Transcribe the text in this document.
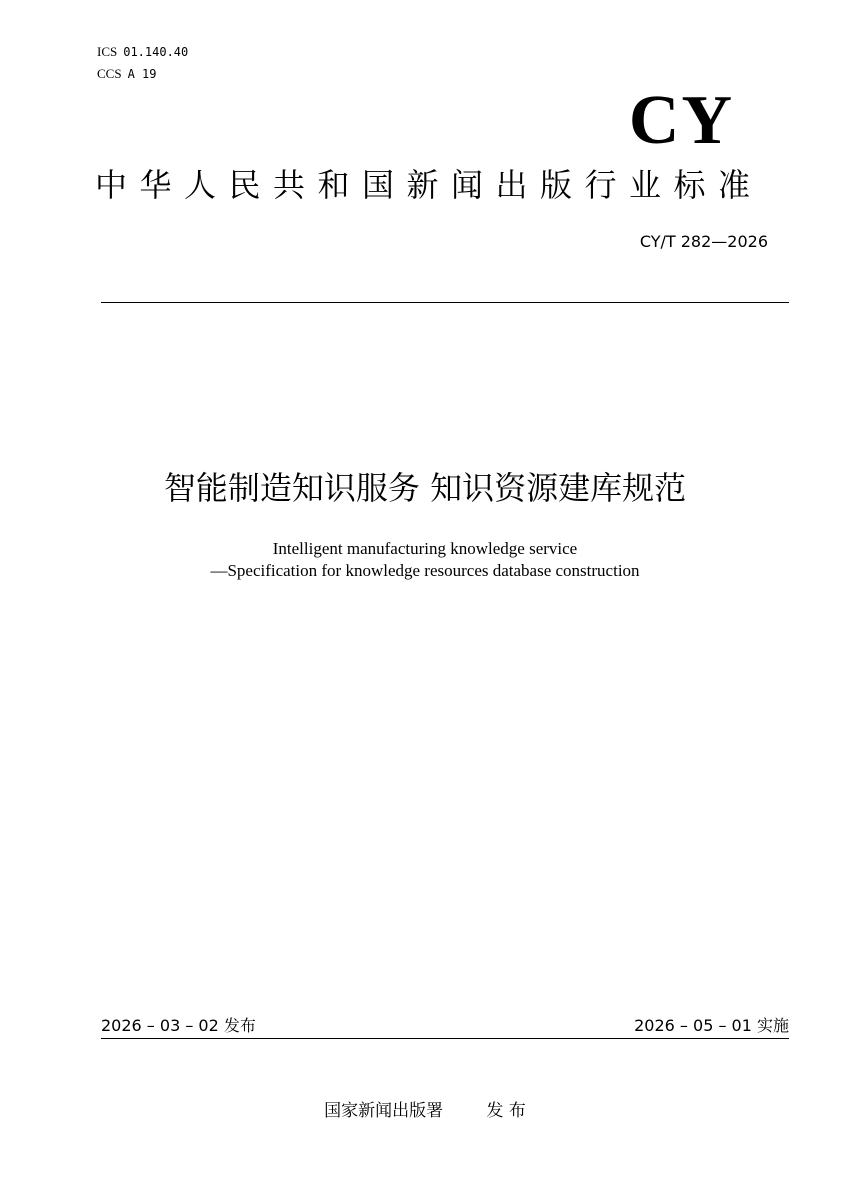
ICS 01.140.40
CCS A 19
CY
中华人民共和国新闻出版行业标准
CY/T 282—2026
智能制造知识服务 知识资源建库规范
Intelligent manufacturing knowledge service
—Specification for knowledge resources database construction
2026 – 03 – 02 发布	2026 – 05 – 01 实施
国家新闻出版署	发 布
